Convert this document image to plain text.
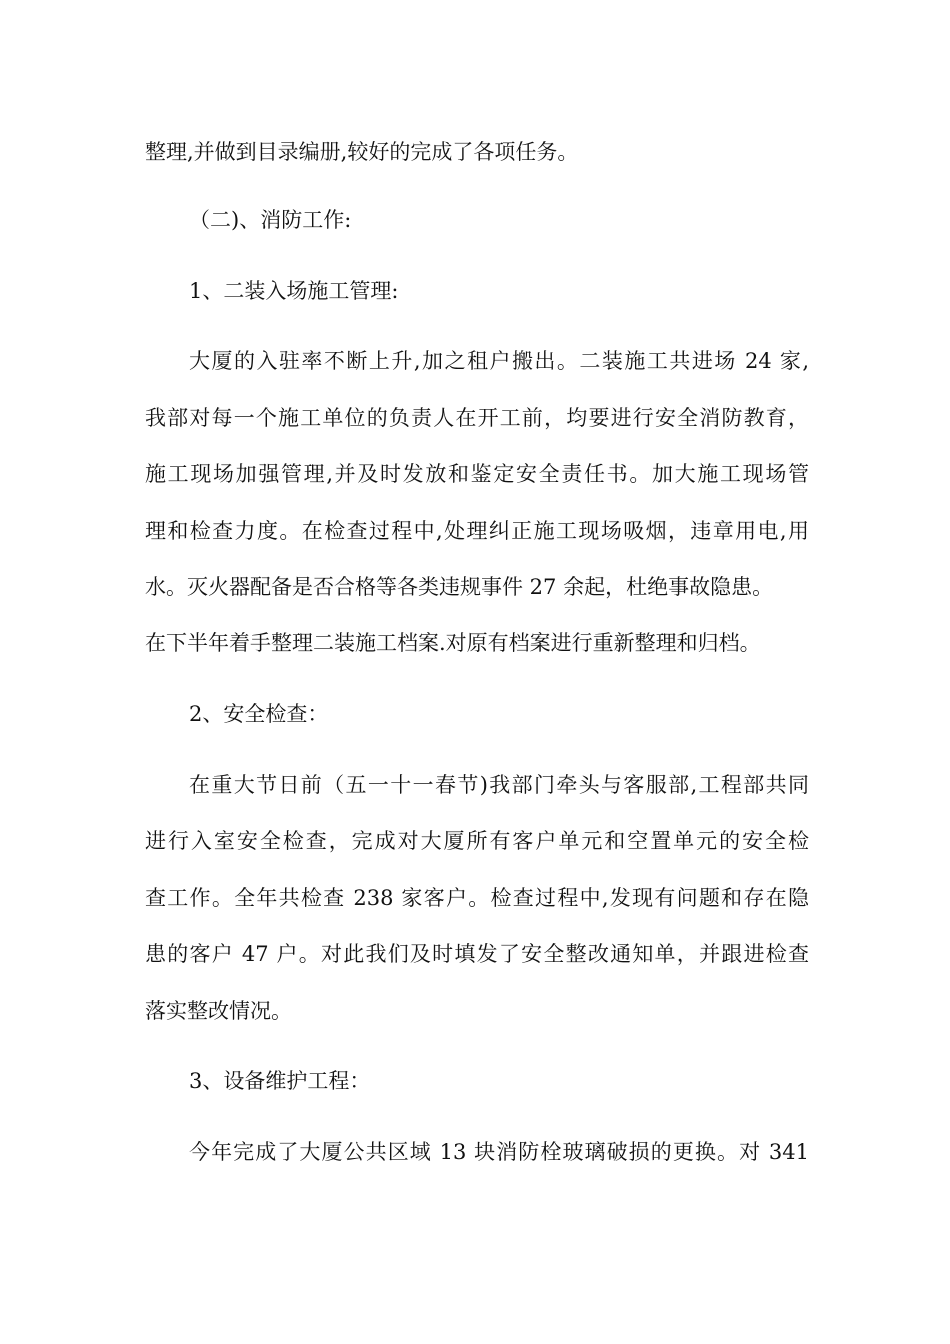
整理,并做到目录编册,较好的完成了各项任务。
（二)、消防工作:
1、二装入场施工管理:
大厦的入驻率不断上升,加之租户搬出。二装施工共进场 24 家,
我部对每一个施工单位的负责人在开工前，均要进行安全消防教育，
施工现场加强管理,并及时发放和鉴定安全责任书。加大施工现场管
理和检查力度。在检查过程中,处理纠正施工现场吸烟，违章用电,用
水。灭火器配备是否合格等各类违规事件 27 余起，杜绝事故隐患。
在下半年着手整理二装施工档案.对原有档案进行重新整理和归档。
2、安全检查：
在重大节日前（五一十一春节)我部门牵头与客服部,工程部共同
进行入室安全检查，完成对大厦所有客户单元和空置单元的安全检
查工作。全年共检查 238 家客户。检查过程中,发现有问题和存在隐
患的客户 47 户。对此我们及时填发了安全整改通知单，并跟进检查
落实整改情况。
3、设备维护工程：
今年完成了大厦公共区域 13 块消防栓玻璃破损的更换。对 341
